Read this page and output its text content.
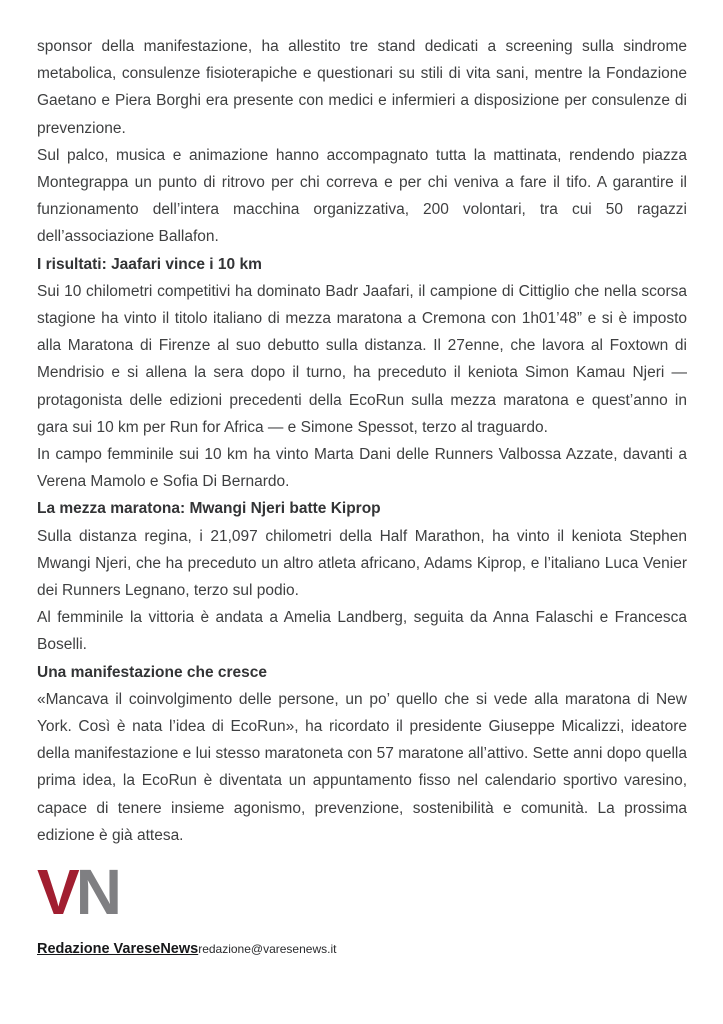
sponsor della manifestazione, ha allestito tre stand dedicati a screening sulla sindrome metabolica, consulenze fisioterapiche e questionari su stili di vita sani, mentre la Fondazione Gaetano e Piera Borghi era presente con medici e infermieri a disposizione per consulenze di prevenzione.

Sul palco, musica e animazione hanno accompagnato tutta la mattinata, rendendo piazza Montegrappa un punto di ritrovo per chi correva e per chi veniva a fare il tifo. A garantire il funzionamento dell’intera macchina organizzativa, 200 volontari, tra cui 50 ragazzi dell’associazione Ballafon.

I risultati: Jaafari vince i 10 km

Sui 10 chilometri competitivi ha dominato Badr Jaafari, il campione di Cittiglio che nella scorsa stagione ha vinto il titolo italiano di mezza maratona a Cremona con 1h01’48” e si è imposto alla Maratona di Firenze al suo debutto sulla distanza. Il 27enne, che lavora al Foxtown di Mendrisio e si allena la sera dopo il turno, ha preceduto il keniota Simon Kamau Njeri — protagonista delle edizioni precedenti della EcoRun sulla mezza maratona e quest’anno in gara sui 10 km per Run for Africa — e Simone Spessot, terzo al traguardo.

In campo femminile sui 10 km ha vinto Marta Dani delle Runners Valbossa Azzate, davanti a Verena Mamolo e Sofia Di Bernardo.

La mezza maratona: Mwangi Njeri batte Kiprop

Sulla distanza regina, i 21,097 chilometri della Half Marathon, ha vinto il keniota Stephen Mwangi Njeri, che ha preceduto un altro atleta africano, Adams Kiprop, e l’italiano Luca Venier dei Runners Legnano, terzo sul podio.

Al femminile la vittoria è andata a Amelia Landberg, seguita da Anna Falaschi e Francesca Boselli.

Una manifestazione che cresce

«Mancava il coinvolgimento delle persone, un po’ quello che si vede alla maratona di New York. Così è nata l’idea di EcoRun», ha ricordato il presidente Giuseppe Micalizzi, ideatore della manifestazione e lui stesso maratoneta con 57 maratone all’attivo. Sette anni dopo quella prima idea, la EcoRun è diventata un appuntamento fisso nel calendario sportivo varesino, capace di tenere insieme agonismo, prevenzione, sostenibilità e comunità. La prossima edizione è già attesa.

VN
Redazione VareseNewsredazione@varesenews.it
